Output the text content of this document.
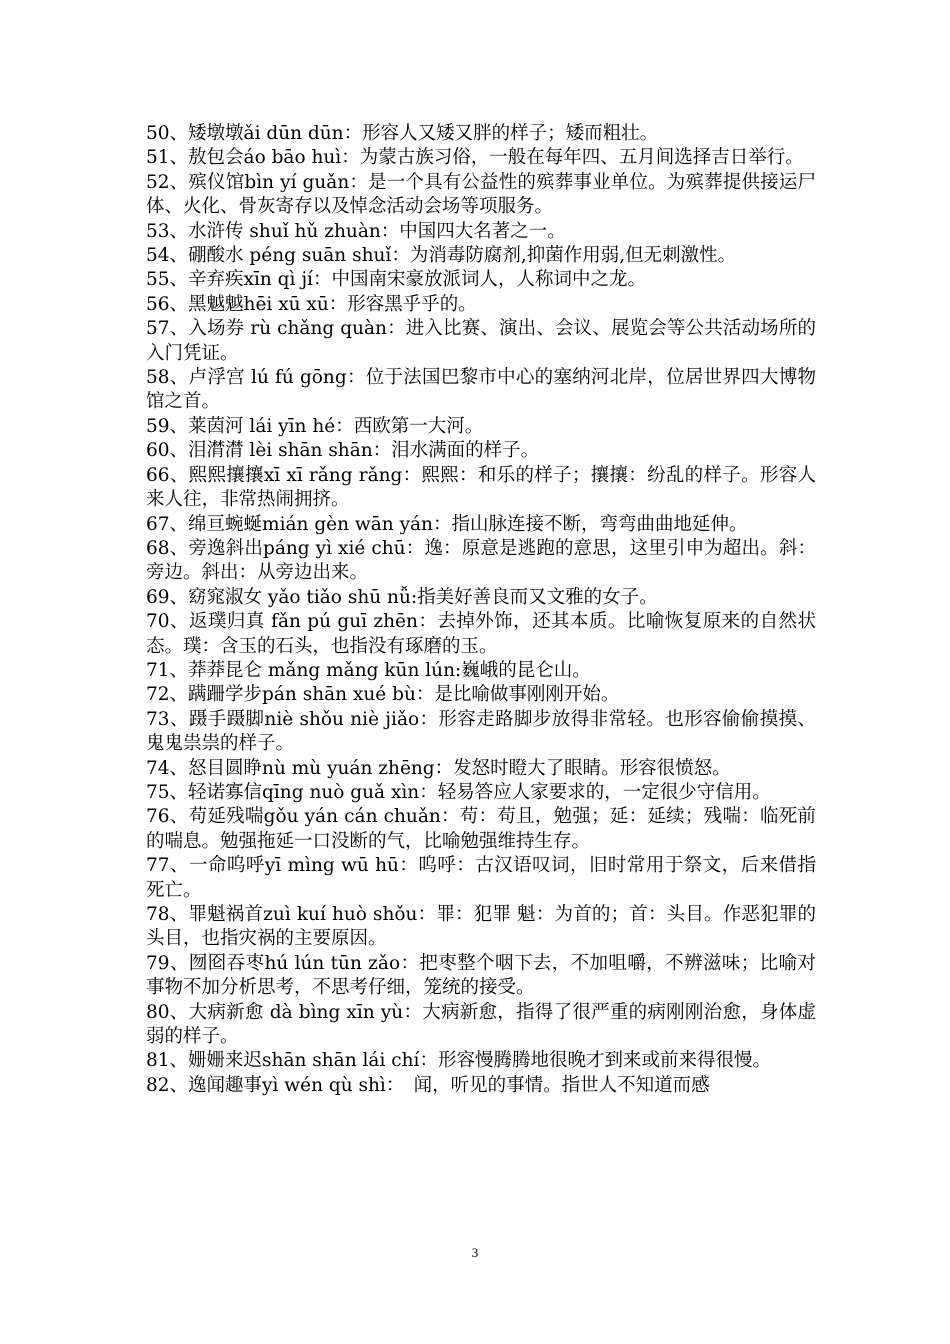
50、矮墩墩ǎi dūn dūn：形容人又矮又胖的样子；矮而粗壮。

51、敖包会áo bāo huì：为蒙古族习俗，一般在每年四、五月间选择吉日举行。

52、殡仪馆bìn yí guǎn：是一个具有公益性的殡葬事业单位。为殡葬提供接运尸体、火化、骨灰寄存以及悼念活动会场等项服务。

53、水浒传 shuǐ hǔ zhuàn：中国四大名著之一。

54、硼酸水 péng suān shuǐ：为消毒防腐剂,抑菌作用弱,但无刺激性。

55、辛弃疾xīn qì jí：中国南宋豪放派词人，人称词中之龙。

56、黑魆魆hēi xū xū：形容黑乎乎的。

57、入场券 rù chǎng quàn：进入比赛、演出、会议、展览会等公共活动场所的入门凭证。

58、卢浮宫 lú fú gōng：位于法国巴黎市中心的塞纳河北岸，位居世界四大博物馆之首。

59、莱茵河 lái yīn hé：西欧第一大河。

60、泪潸潸 lèi shān shān：泪水满面的样子。

66、熙熙攘攘xī xī rǎng rǎng：熙熙：和乐的样子；攘攘：纷乱的样子。形容人来人往，非常热闹拥挤。

67、绵亘蜿蜒mián gèn wān yán：指山脉连接不断，弯弯曲曲地延伸。

68、旁逸斜出páng yì xié chū：逸：原意是逃跑的意思，这里引申为超出。斜：旁边。斜出：从旁边出来。

69、窈窕淑女 yǎo tiǎo shū nǚ:指美好善良而又文雅的女子。

70、返璞归真 fǎn pú guī zhēn：去掉外饰，还其本质。比喻恢复原来的自然状态。璞：含玉的石头，也指没有琢磨的玉。

71、莽莽昆仑 mǎng mǎng kūn lún:巍峨的昆仑山。

72、蹒跚学步pán shān xué bù：是比喻做事刚刚开始。

73、蹑手蹑脚niè shǒu niè jiǎo：形容走路脚步放得非常轻。也形容偷偷摸摸、鬼鬼祟祟的样子。

74、怒目圆睁nù mù yuán zhēng：发怒时瞪大了眼睛。形容很愤怒。

75、轻诺寡信qīng nuò guǎ xìn：轻易答应人家要求的，一定很少守信用。

76、苟延残喘gǒu yán cán chuǎn：苟：苟且，勉强；延：延续；残喘：临死前的喘息。勉强拖延一口没断的气，比喻勉强维持生存。

77、一命呜呼yī mìng wū hū：呜呼：古汉语叹词，旧时常用于祭文，后来借指死亡。

78、罪魁祸首zuì kuí huò shǒu：罪：犯罪 魁：为首的；首：头目。作恶犯罪的头目，也指灾祸的主要原因。

79、囫囵吞枣hú lún tūn zǎo：把枣整个咽下去，不加咀嚼，不辨滋味；比喻对事物不加分析思考，不思考仔细，笼统的接受。

80、大病新愈 dà bìng xīn yù：大病新愈，指得了很严重的病刚刚治愈，身体虚弱的样子。

81、姗姗来迟shān shān lái chí：形容慢腾腾地很晚才到来或前来得很慢。

82、逸闻趣事yì wén qù shì：　闻，听见的事情。指世人不知道而感

3
